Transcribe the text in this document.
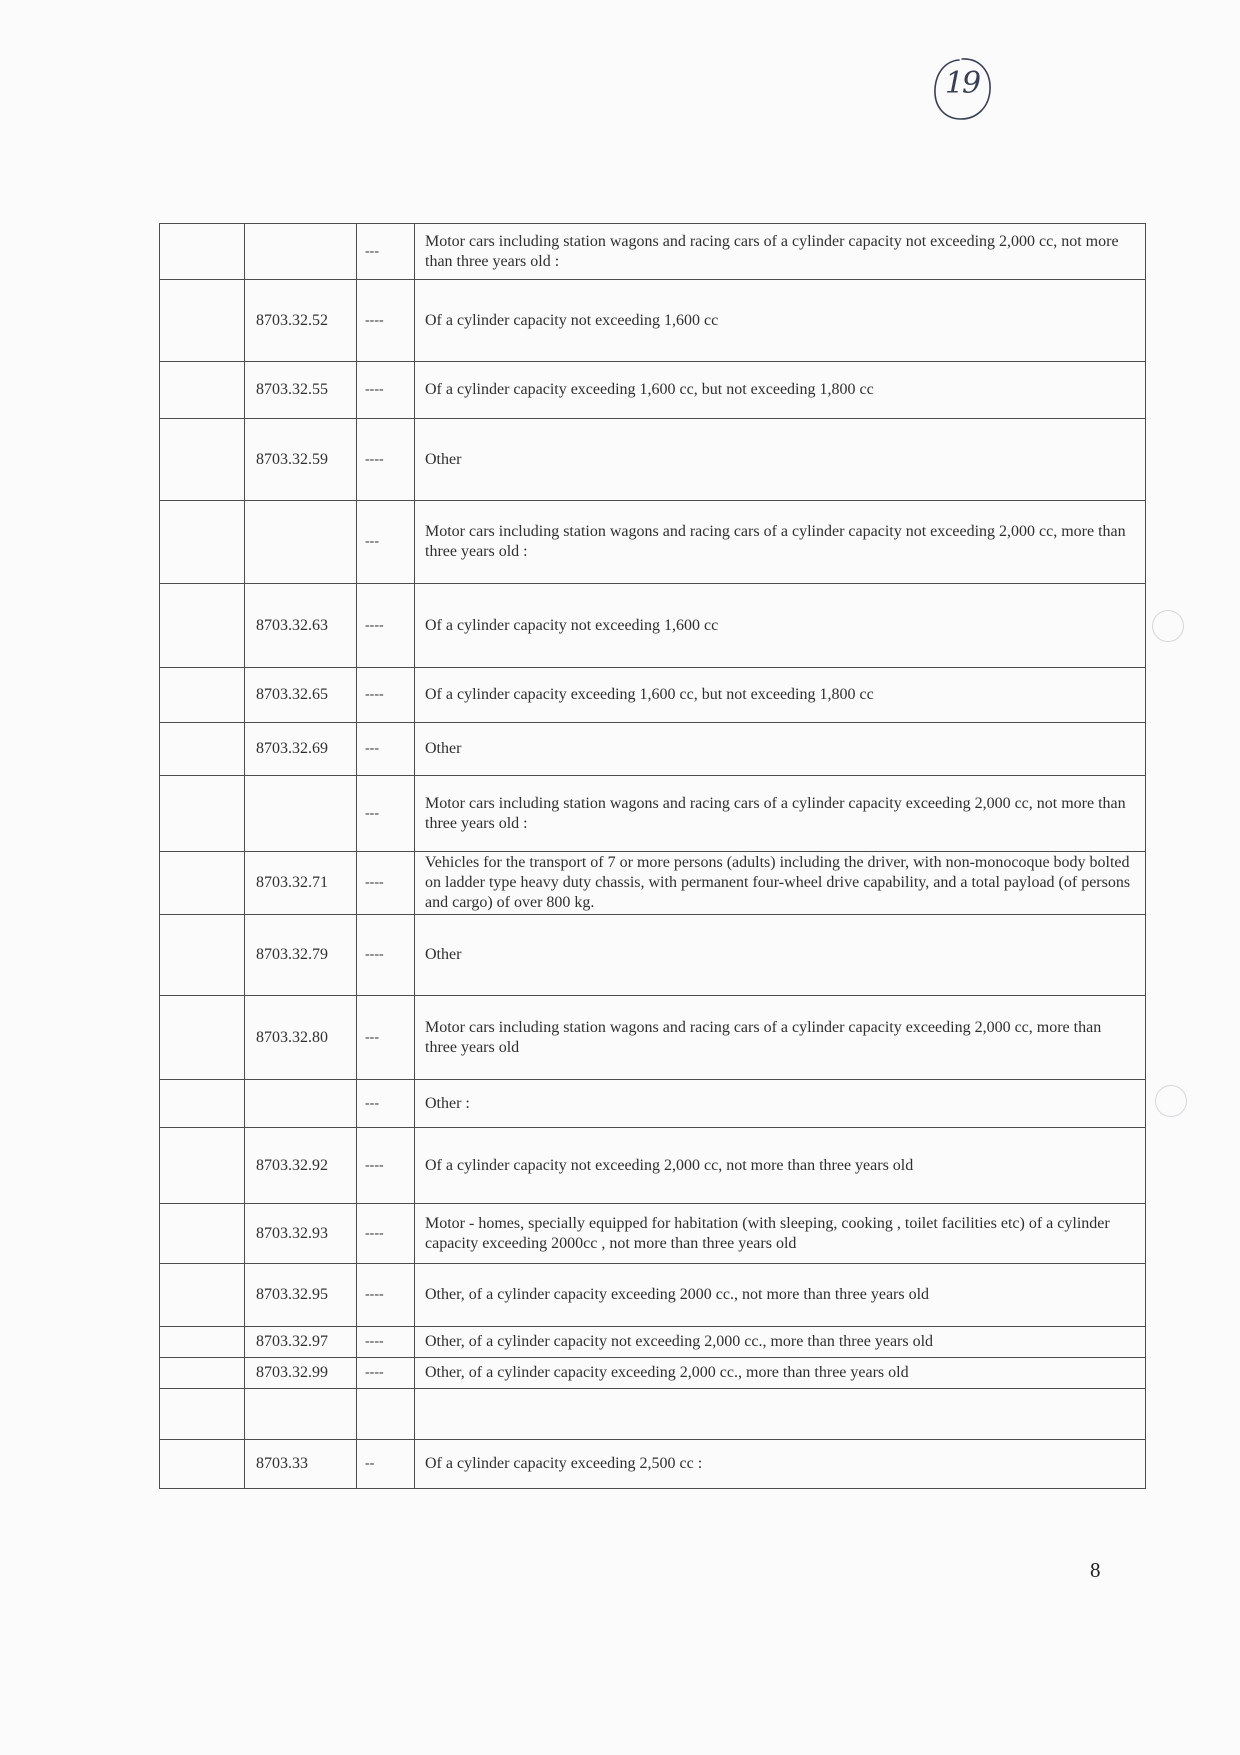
19
		---	Motor cars including station wagons and racing cars of a cylinder capacity not exceeding 2,000 cc, not more than three years old :
	8703.32.52	----	Of a cylinder capacity not exceeding 1,600 cc
	8703.32.55	----	Of a cylinder capacity exceeding 1,600 cc, but not exceeding 1,800 cc
	8703.32.59	----	Other
		---	Motor cars including station wagons and racing cars of a cylinder capacity not exceeding 2,000 cc, more than three years old :
	8703.32.63	----	Of a cylinder capacity not exceeding 1,600 cc
	8703.32.65	----	Of a cylinder capacity exceeding 1,600 cc, but not exceeding 1,800 cc
	8703.32.69	---	Other
		---	Motor cars including station wagons and racing cars of a cylinder capacity exceeding 2,000 cc, not more than three years old :
	8703.32.71	----	Vehicles for the transport of 7 or more persons (adults) including the driver, with non-monocoque body bolted on ladder type heavy duty chassis, with permanent four-wheel drive capability, and a total payload (of persons and cargo) of over 800 kg.
	8703.32.79	----	Other
	8703.32.80	---	Motor cars including station wagons and racing cars of a cylinder capacity exceeding 2,000 cc, more than three years old
		---	Other :
	8703.32.92	----	Of a cylinder capacity not exceeding 2,000 cc, not more than three years old
	8703.32.93	----	Motor - homes, specially equipped for habitation (with sleeping, cooking , toilet facilities etc) of a cylinder capacity exceeding 2000cc , not more than three years old
	8703.32.95	----	Other, of a cylinder capacity exceeding 2000 cc., not more than three years old
	8703.32.97	----	Other, of a cylinder capacity not exceeding 2,000 cc., more than three years old
	8703.32.99	----	Other, of a cylinder capacity exceeding 2,000 cc., more than three years old

	8703.33	--	Of a cylinder capacity exceeding 2,500 cc :
8
